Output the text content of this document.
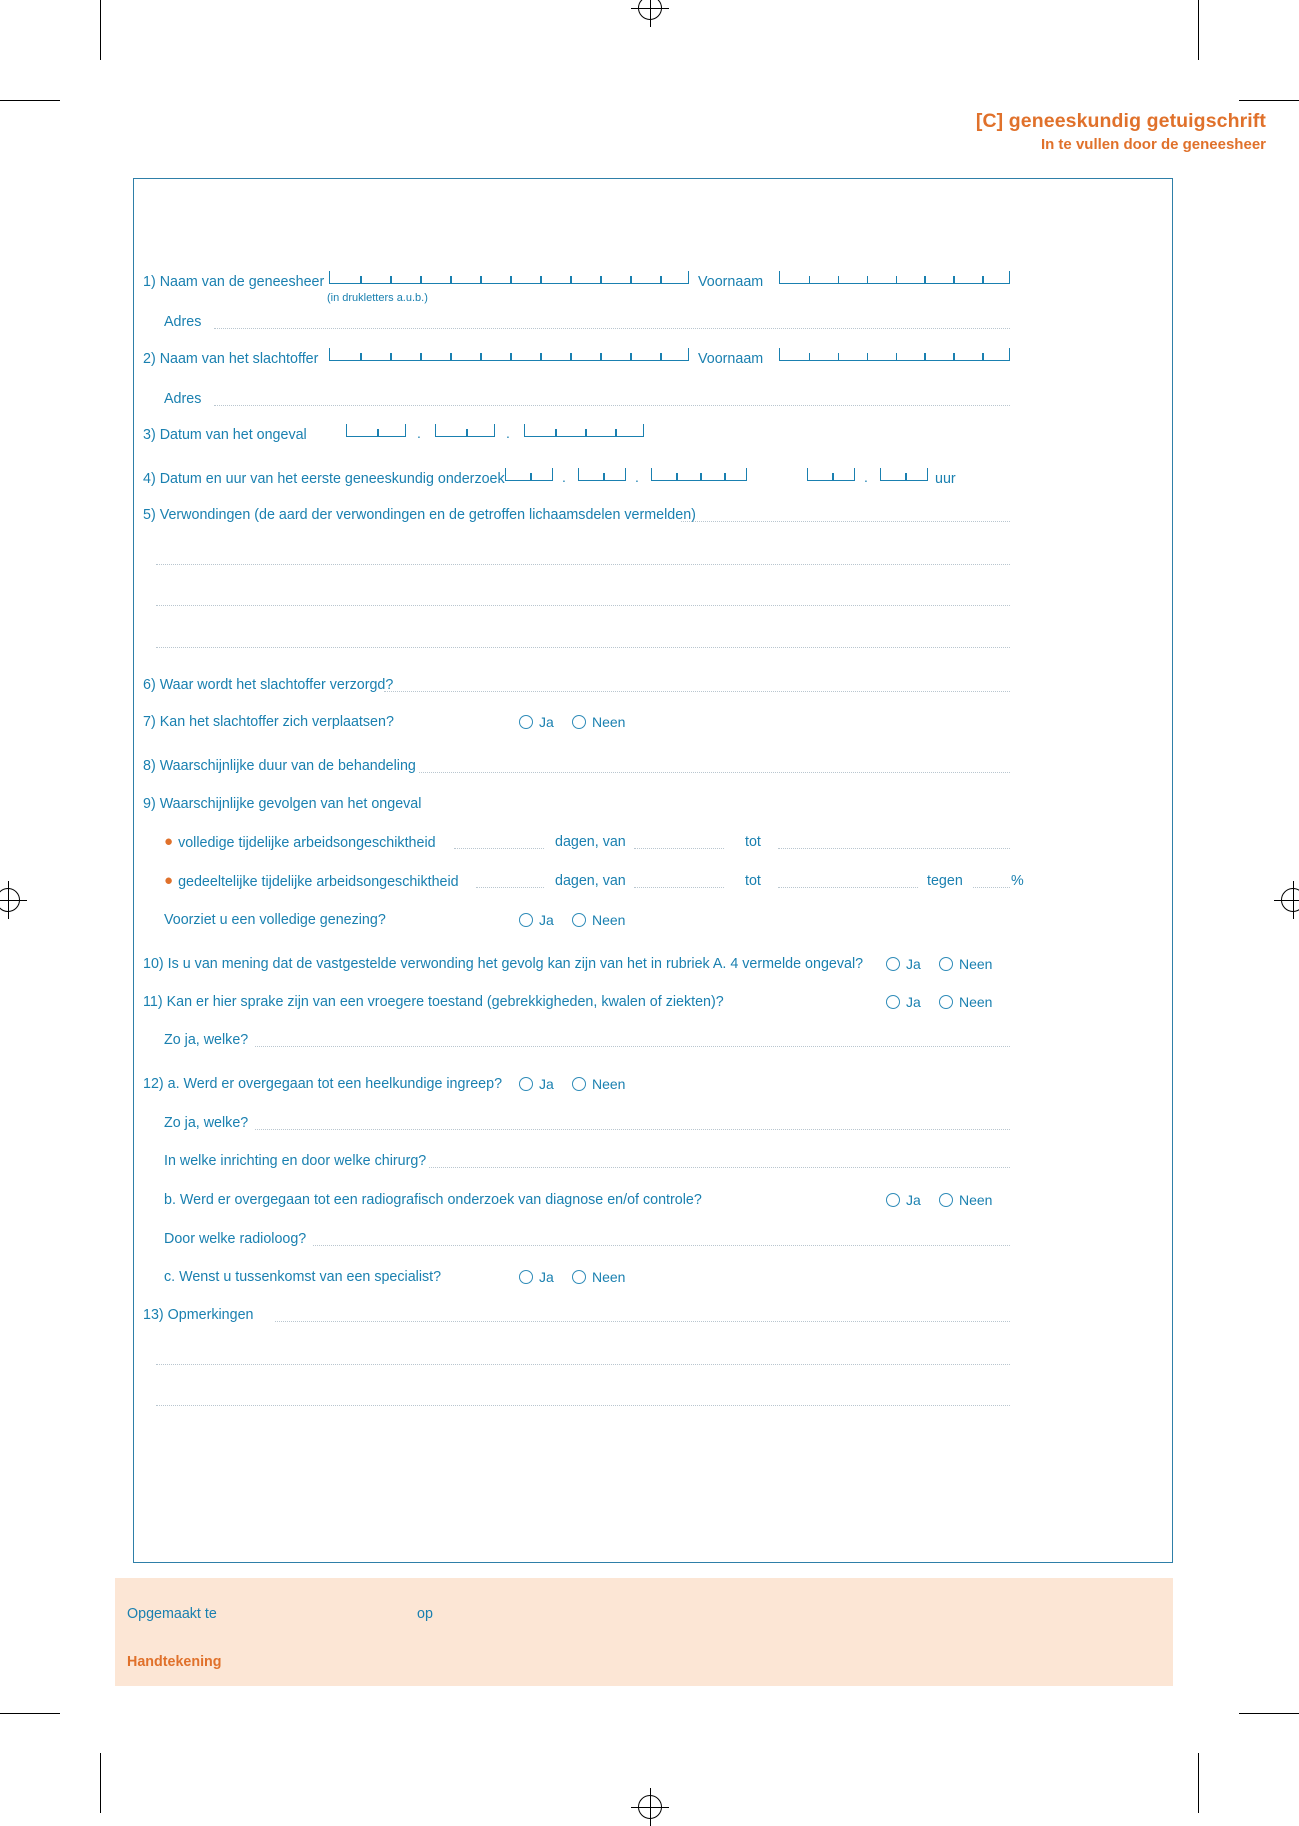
[C] geneeskundig getuigschrift
In te vullen door de geneesheer
1) Naam van de geneesheer
(in drukletters a.u.b.)
Voornaam
Adres
2) Naam van het slachtoffer	Voornaam
Adres
3) Datum van het ongeval	.	.
4) Datum en uur van het eerste geneeskundig onderzoek	.	.	.	uur
5) Verwondingen (de aard der verwondingen en de getroffen lichaamsdelen vermelden)
6) Waar wordt het slachtoffer verzorgd?
7) Kan het slachtoffer zich verplaatsen?	Ja	Neen
8) Waarschijnlijke duur van de behandeling
9) Waarschijnlijke gevolgen van het ongeval
● volledige tijdelijke arbeidsongeschiktheid	dagen, van	tot
● gedeeltelijke tijdelijke arbeidsongeschiktheid	dagen, van	tot	tegen	%
Voorziet u een volledige genezing?	Ja	Neen
10) Is u van mening dat de vastgestelde verwonding het gevolg kan zijn van het in rubriek A. 4 vermelde ongeval?	Ja	Neen
11) Kan er hier sprake zijn van een vroegere toestand (gebrekkigheden, kwalen of ziekten)?	Ja	Neen
Zo ja, welke?
12) a. Werd er overgegaan tot een heelkundige ingreep?	Ja	Neen
Zo ja, welke?
In welke inrichting en door welke chirurg?
b. Werd er overgegaan tot een radiografisch onderzoek van diagnose en/of controle?	Ja	Neen
Door welke radioloog?
c. Wenst u tussenkomst van een specialist?	Ja	Neen
13) Opmerkingen
Opgemaakt te	op
Handtekening
